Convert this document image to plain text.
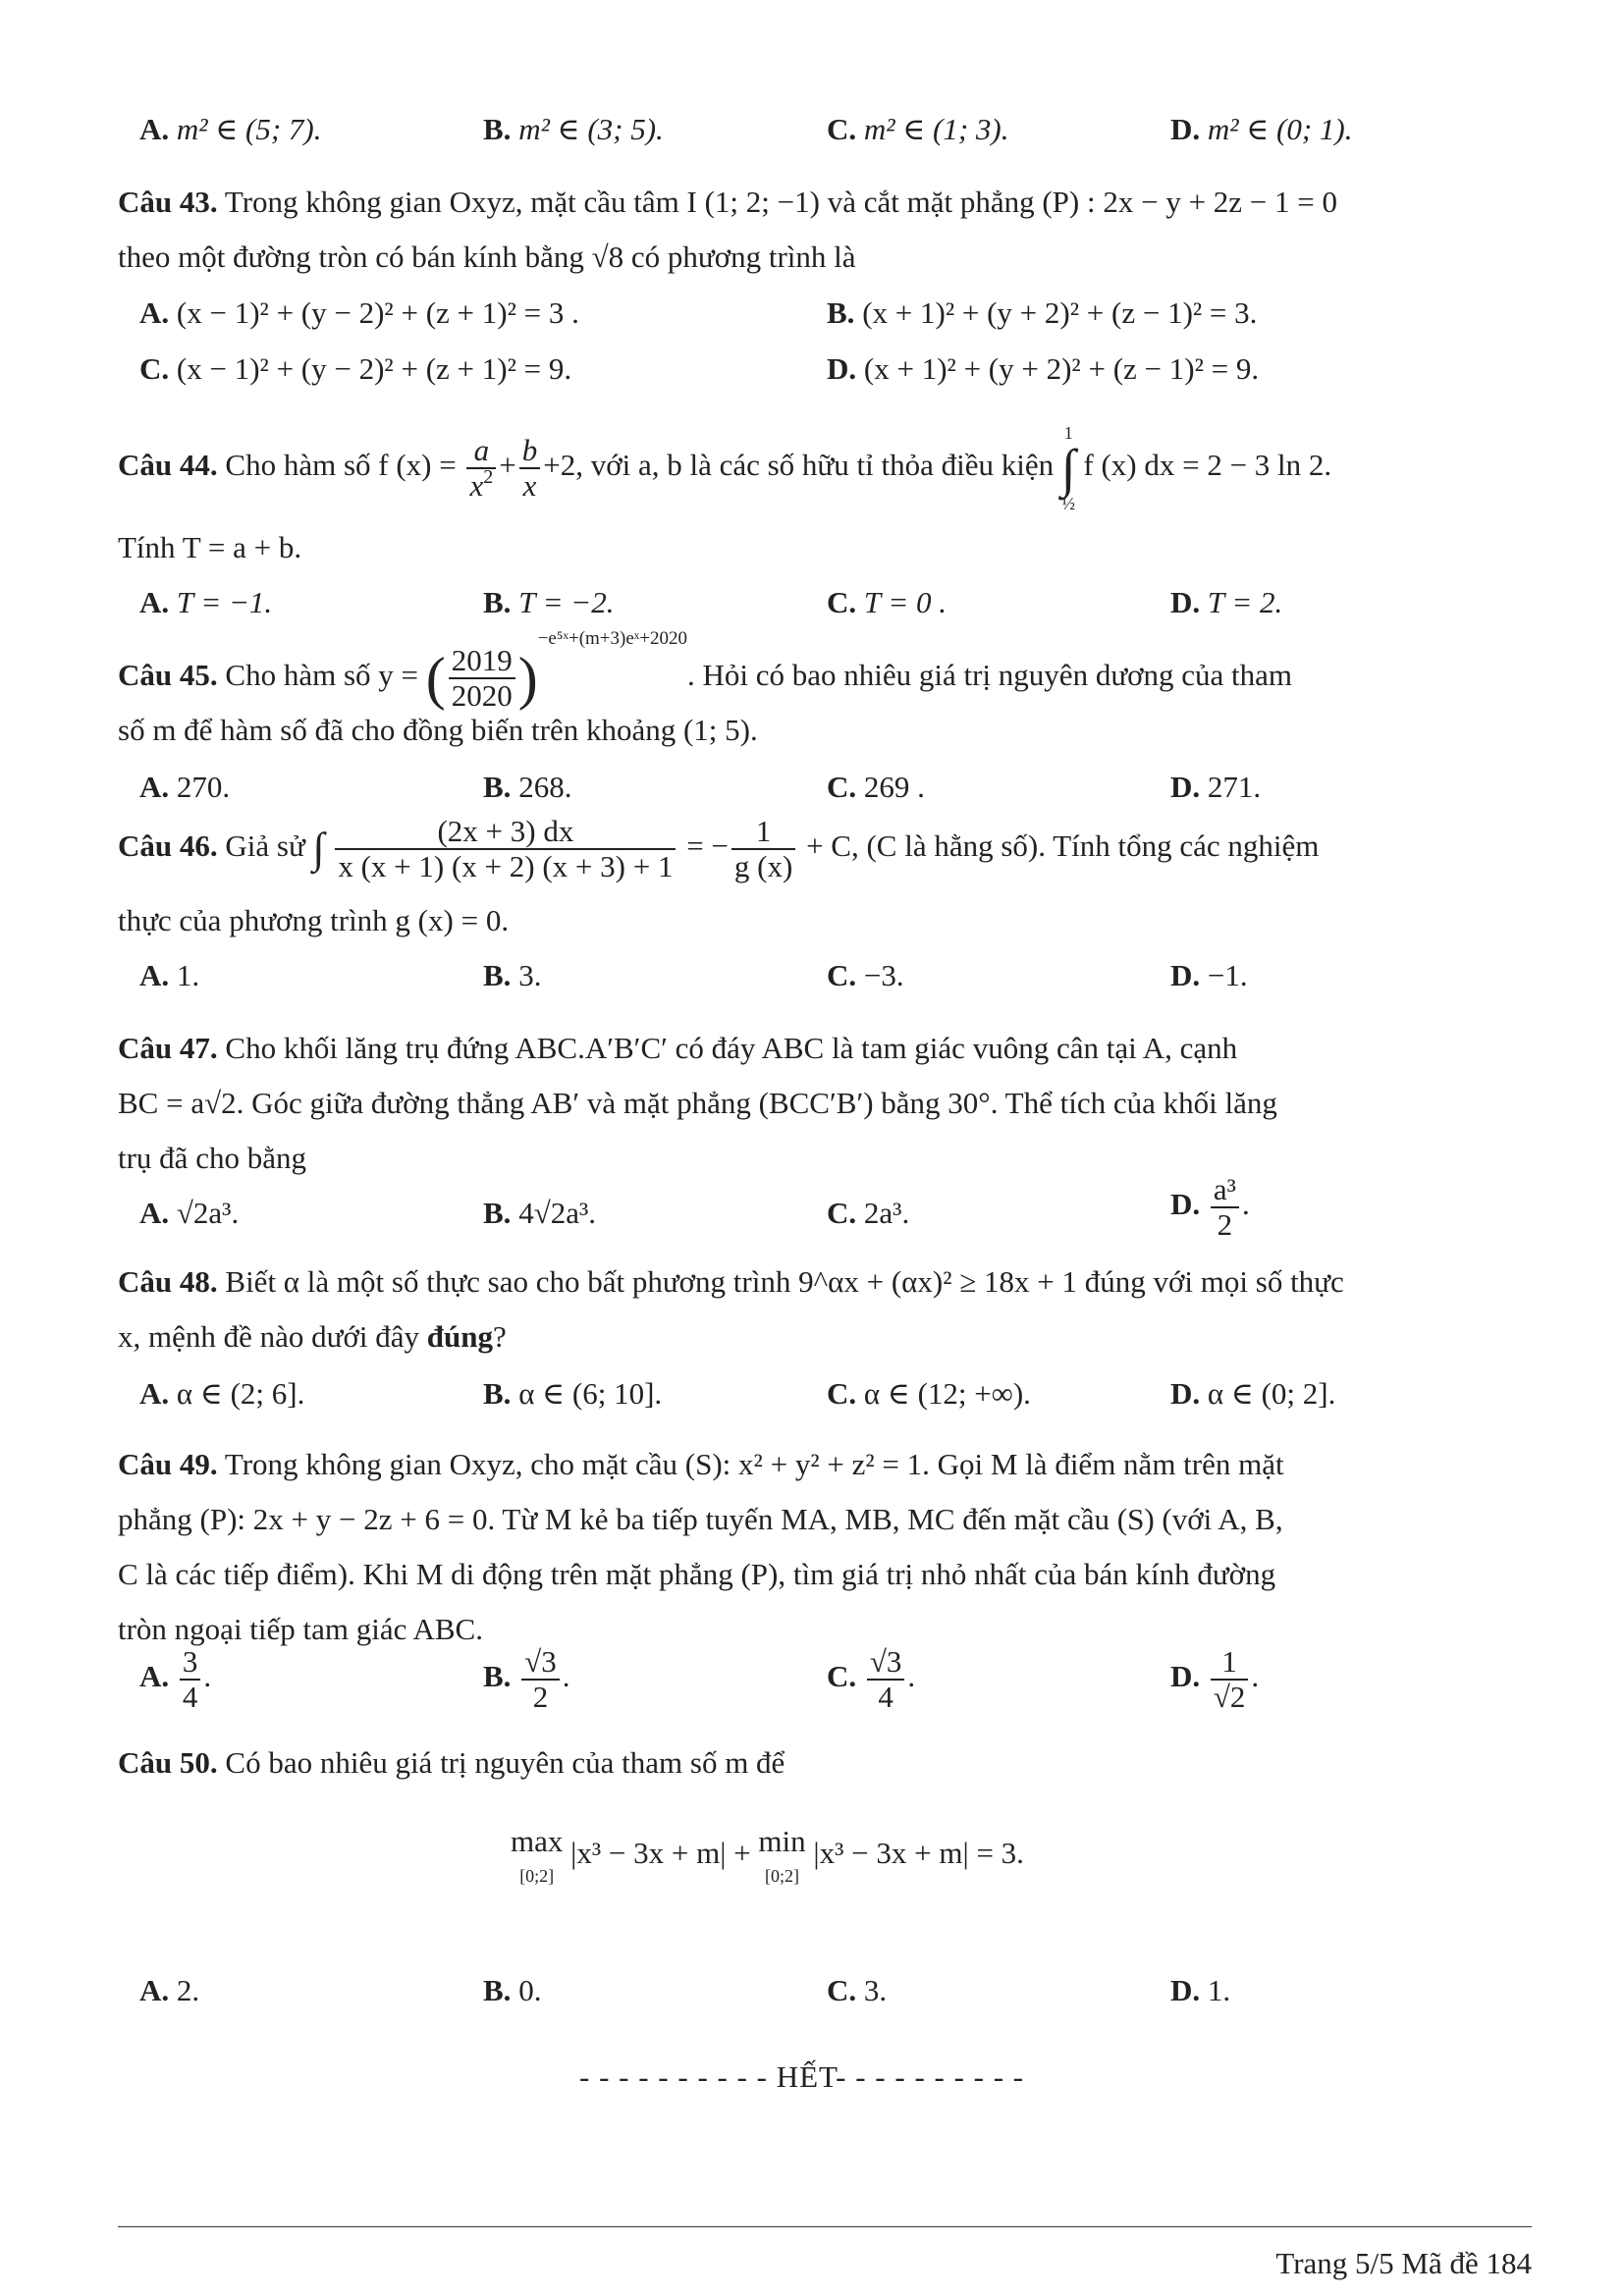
A. m² ∈ (5; 7).	B. m² ∈ (3; 5).	C. m² ∈ (1; 3).	D. m² ∈ (0; 1).
Câu 43. Trong không gian Oxyz, mặt cầu tâm I (1; 2; −1) và cắt mặt phẳng (P) : 2x − y + 2z − 1 = 0
theo một đường tròn có bán kính bằng √8 có phương trình là
A. (x − 1)² + (y − 2)² + (z + 1)² = 3 .	B. (x + 1)² + (y + 2)² + (z − 1)² = 3.
C. (x − 1)² + (y − 2)² + (z + 1)² = 9.	D. (x + 1)² + (y + 2)² + (z − 1)² = 9.
Câu 44. Cho hàm số f $(x) = \frac{a}{x^2} + \frac{b}{x} +2$, với a, b là các số hữu tỉ thỏa điều kiện 1
∫
½ f (x) dx = 2 − 3 ln 2.
Tính T = a + b.
A. T = −1.	B. T = −2.	C. T = 0 .	D. T = 2.
Câu 45. Cho hàm số y = ( $\frac{2019}{2020} )^{-e^5ˣ+(m+3)eˣ+2020}$. Hỏi có bao nhiêu giá trị nguyên dương của tham
số m để hàm số đã cho đồng biến trên khoảng (1; 5).
A. 270.	B. 268.	C. 269 .	D. 271.
Câu 46. Giả sử ∫ $\frac{(2x + 3) dx}{x (x + 1) (x + 2) (x + 3) + 1}$ = − $\frac{1}{g (x)} + C$, (C là hằng số). Tính tổng các nghiệm
thực của phương trình g (x) = 0.
A. 1.	B. 3.	C. −3.	D. −1.
Câu 47. Cho khối lăng trụ đứng ABC.A′B′C′ có đáy ABC là tam giác vuông cân tại A, cạnh
BC = a√2. Góc giữa đường thẳng AB′ và mặt phẳng (BCC′B′) bằng 30°. Thể tích của khối lăng
trụ đã cho bằng
A. √2a³.	B. 4√2a³.	C. 2a³.	D. $\frac{\text{a³}}{2}$ .
Câu 48. Biết α là một số thực sao cho bất phương trình 9^αx + (αx)² ≥ 18x + 1 đúng với mọi số thực
x, mệnh đề nào dưới đây đúng?
A. α ∈ (2; 6].	B. α ∈ (6; 10].	C. α ∈ (12; +∞).	D. α ∈ (0; 2].
Câu 49. Trong không gian Oxyz, cho mặt cầu (S): x² + y² + z² = 1. Gọi M là điểm nằm trên mặt
phẳng (P): 2x + y − 2z + 6 = 0. Từ M kẻ ba tiếp tuyến MA, MB, MC đến mặt cầu (S) (với A, B,
C là các tiếp điểm). Khi M di động trên mặt phẳng (P), tìm giá trị nhỏ nhất của bán kính đường
tròn ngoại tiếp tam giác ABC.
A. $\frac{3}{4}$ .	B. $\frac{√3}{2}$ .	C. $\frac{√3}{4}$ .	D. $\frac{1}{√2}$ .
Câu 50. Có bao nhiêu giá trị nguyên của tham số m để
max
[0;2] |x³ − 3x + m| + min
[0;2] |x³ − 3x + m| = 3.
A. 2.	B. 0.	C. 3.	D. 1.
- - - - - - - - - - HẾT- - - - - - - - - -
Trang 5/5 Mã đề 184
